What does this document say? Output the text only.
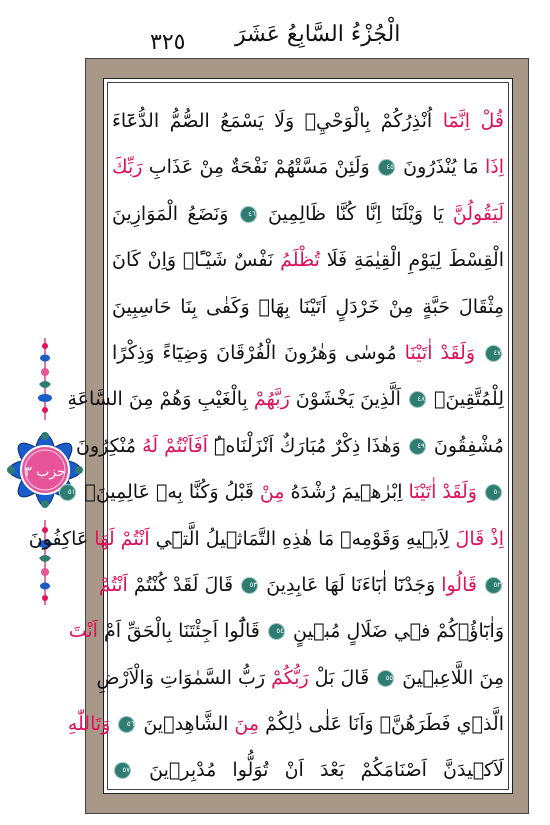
٣٢٥ الْجُزْءُ السَّابِعُ عَشَرَ
حزب ٣
قُلْ اِنَّمَٓا اُنْذِرُكُمْ بِالْوَحْيِۘ وَلَا يَسْمَعُ الصُّمُّ الدُّعَٓاءَ
اِذَا مَا يُنْذَرُونَ ٤٥ وَلَئِنْ مَسَّتْهُمْ نَفْحَةٌ مِنْ عَذَابِ رَبِّكَ
لَيَقُولُنَّ يَا وَيْلَنَٓا اِنَّا كُنَّا ظَالِمِينَ ٤٦ وَنَضَعُ الْمَوَازِينَ
الْقِسْطَ لِيَوْمِ الْقِيٰمَةِ فَلَا تُظْلَمُ نَفْسٌ شَيْـًٔاۜ وَاِنْ كَانَ
مِثْقَالَ حَبَّةٍ مِنْ خَرْدَلٍ اَتَيْنَا بِهَاۜ وَكَفٰى بِنَا حَاسِبِينَ
٤٧ وَلَقَدْ اٰتَيْنَا مُوسٰى وَهٰرُونَ الْفُرْقَانَ وَضِيَٓاءً وَذِكْرًا
لِلْمُتَّقِينَۙ ٤٨ اَلَّذِينَ يَخْشَوْنَ رَبَّهُمْ بِالْغَيْبِ وَهُمْ مِنَ السَّاعَةِ
مُشْفِقُونَ ٤٩ وَهٰذَا ذِكْرٌ مُبَارَكٌ اَنْزَلْنَاهُۜ اَفَاَنْتُمْ لَهُ مُنْكِرُونَ
٥٠ وَلَقَدْ اٰتَيْنَا اِبْرٰهٖيمَ رُشْدَهُ مِنْ قَبْلُ وَكُنَّا بِهٖ عَالِمِينَۚ ٥١
اِذْ قَالَ لِاَبٖيهِ وَقَوْمِهٖ مَا هٰذِهِ التَّمَاثٖيلُ الَّتٖٓي اَنْتُمْ لَهَا عَاكِفُونَ
٥٢ قَالُوا وَجَدْنَٓا اٰبَٓاءَنَا لَهَا عَابِدِينَ ٥٣ قَالَ لَقَدْ كُنْتُمْ اَنْتُمْ
وَاٰبَٓاؤُ۬كُمْ فٖي ضَلَالٍ مُبٖينٍ ٥٤ قَالُٓوا اَجِئْتَنَا بِالْحَقِّ اَمْ اَنْتَ
مِنَ اللَّاعِبٖينَ ٥٥ قَالَ بَلْ رَبُّكُمْ رَبُّ السَّمٰوَاتِ وَالْاَرْضِ
الَّذٖي فَطَرَهُنَّۘ وَاَنَا عَلٰى ذٰلِكُمْ مِنَ الشَّاهِدٖينَ ٥٦ وَتَاللّٰهِ
لَاَكٖيدَنَّ اَصْنَامَكُمْ بَعْدَ اَنْ تُوَلُّوا مُدْبِرٖينَ ٥٧
